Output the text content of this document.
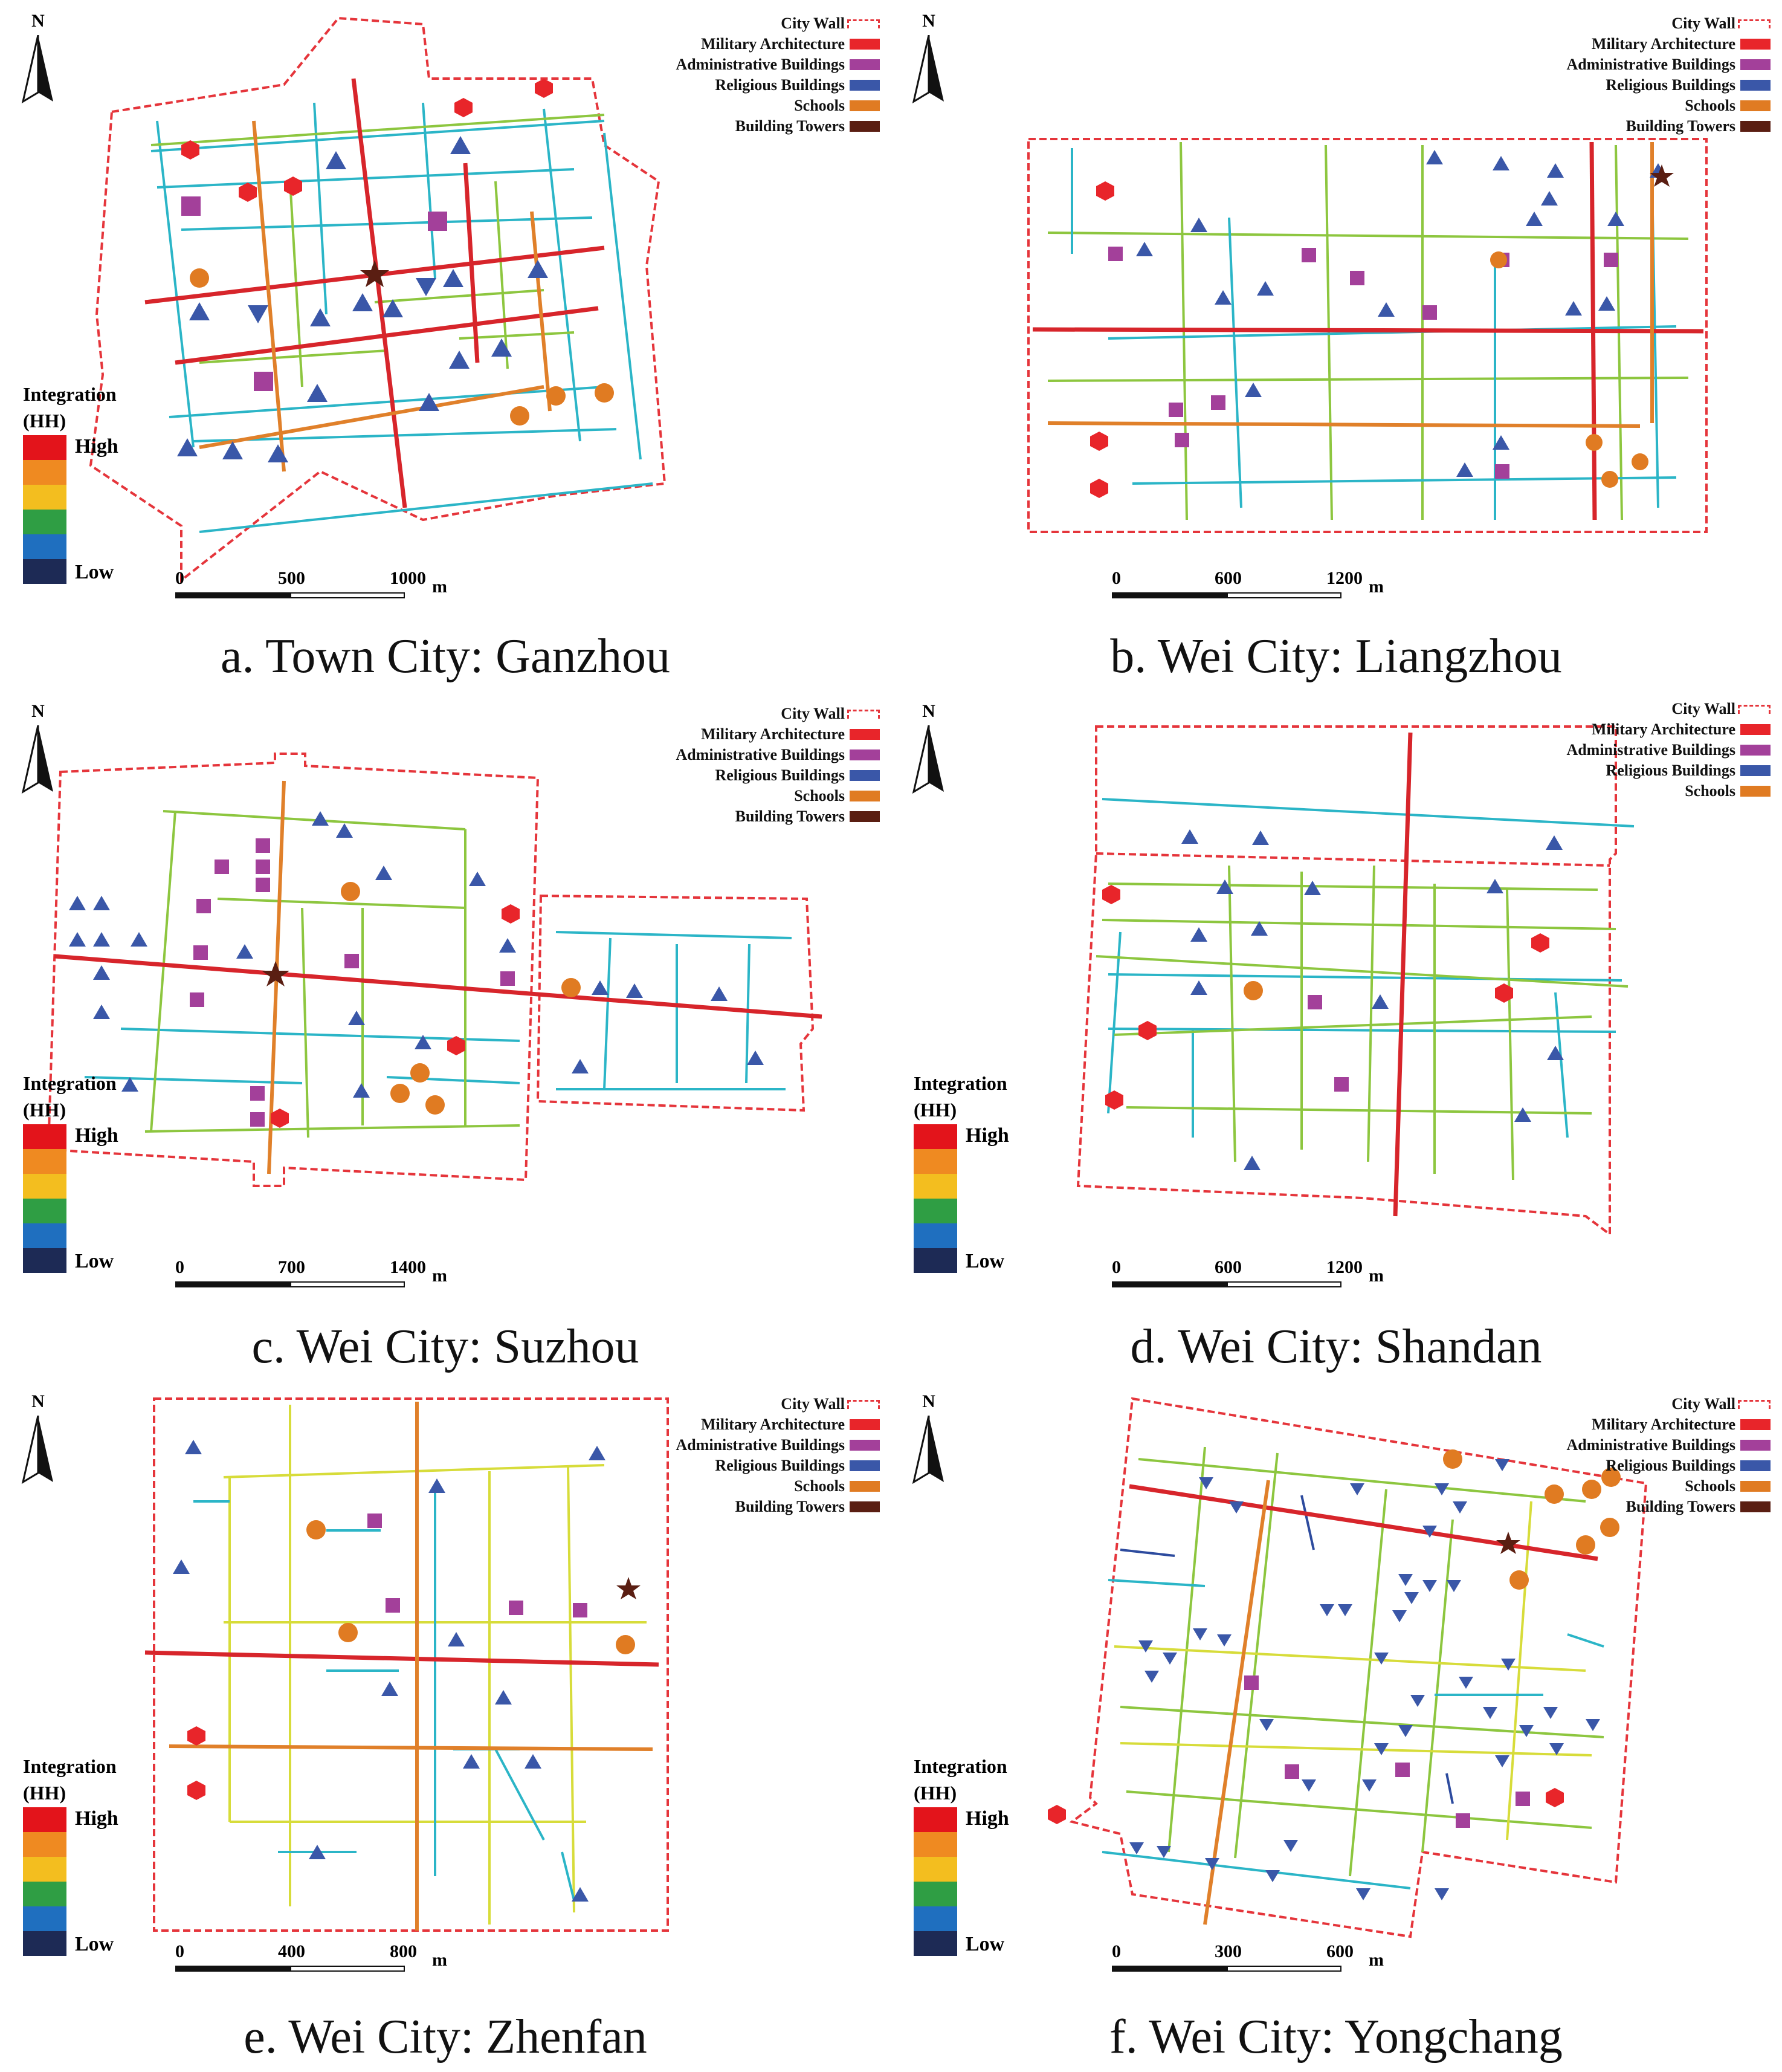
N	City Wall
Military Architecture
Administrative Buildings
Religious Buildings
Schools
Building Towers
Integration
(HH)
High
Low	0	500	1000 m
a. Town City: Ganzhou
N	City Wall
Military Architecture
Administrative Buildings
Religious Buildings
Schools
Building Towers
0	600	1200 m
b. Wei City: Liangzhou
N	City Wall
Military Architecture
Administrative Buildings
Religious Buildings
Schools
Building Towers
Integration
(HH)
High
Low	0	700	1400 m
c. Wei City: Suzhou
N	City Wall
Military Architecture
Administrative Buildings
Religious Buildings
Schools
Integration
(HH)
High
Low	0	600	1200 m
d. Wei City: Shandan
N	City Wall
Military Architecture
Administrative Buildings
Religious Buildings
Schools
Building Towers
Integration
(HH)
High
Low	0	400	800 m
e. Wei City: Zhenfan
N	City Wall
Military Architecture
Administrative Buildings
Religious Buildings
Schools
Building Towers
Integration
(HH)
High
Low	0	300	600 m
f. Wei City: Yongchang
